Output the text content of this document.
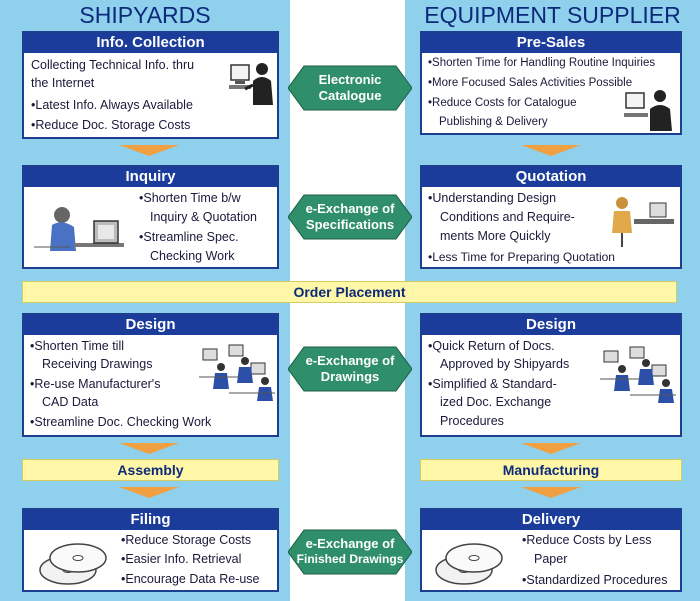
SHIPYARDS	EQUIPMENT SUPPLIER
Info. Collection
Collecting Technical Info. thru
the Internet
• Latest Info. Always Available
• Reduce Doc. Storage Costs
Inquiry
• Shorten Time b/w
Inquiry & Quotation
• Streamline Spec.
Checking Work
Order Placement
Design
• Shorten Time till
Receiving Drawings
• Re-use Manufacturer's
CAD Data
• Streamline Doc. Checking Work
Assembly
Filing
• Reduce Storage Costs
• Easier Info. Retrieval
• Encourage Data Re-use
Pre-Sales
• Shorten Time for Handling Routine Inquiries
• More Focused Sales Activities Possible
• Reduce Costs for Catalogue
Publishing & Delivery
Quotation
• Understanding Design
Conditions and Require-
ments More Quickly
• Less Time for Preparing Quotation
Design
• Quick Return of Docs.
Approved by Shipyards
• Simplified & Standard-
ized Doc. Exchange
Procedures
Manufacturing
Delivery
• Reduce Costs by Less
Paper
• Standardized Procedures
Electronic
Catalogue
e-Exchange of
Specifications
e-Exchange of
Drawings
e-Exchange of
Finished Drawings
